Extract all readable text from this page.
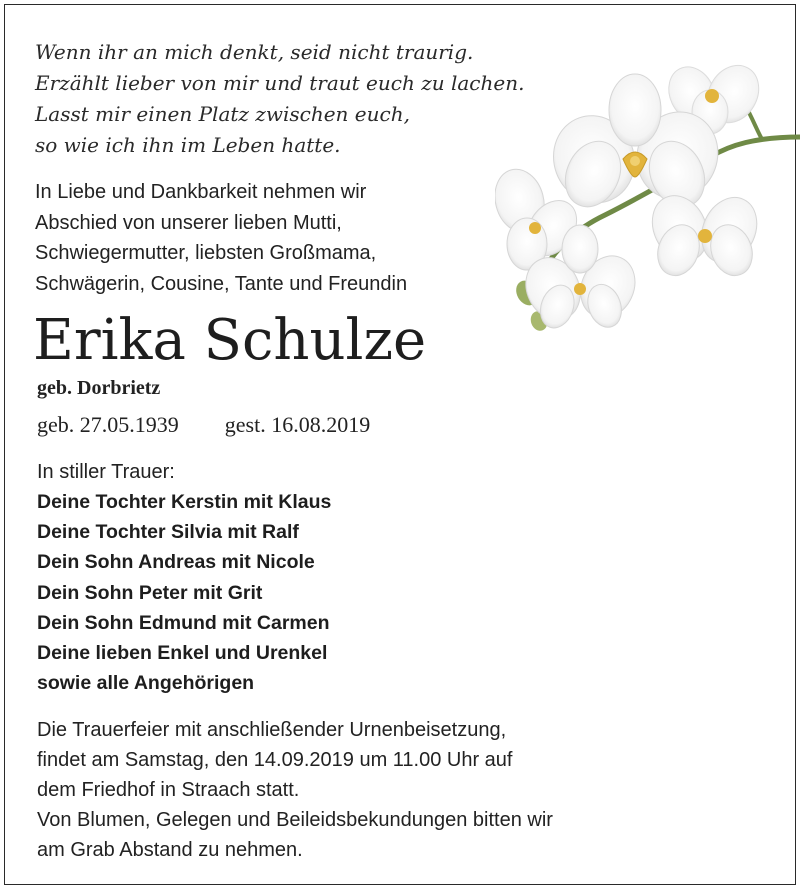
Wenn ihr an mich denkt, seid nicht traurig.
Erzählt lieber von mir und traut euch zu lachen.
Lasst mir einen Platz zwischen euch,
so wie ich ihn im Leben hatte.
In Liebe und Dankbarkeit nehmen wir
Abschied von unserer lieben Mutti,
Schwiegermutter, liebsten Großmama,
Schwägerin, Cousine, Tante und Freundin
Erika Schulze
geb. Dorbrietz
geb. 27.05.1939 gest. 16.08.2019
In stiller Trauer:
Deine Tochter Kerstin mit Klaus
Deine Tochter Silvia mit Ralf
Dein Sohn Andreas mit Nicole
Dein Sohn Peter mit Grit
Dein Sohn Edmund mit Carmen
Deine lieben Enkel und Urenkel
sowie alle Angehörigen
Die Trauerfeier mit anschließender Urnenbeisetzung,
findet am Samstag, den 14.09.2019 um 11.00 Uhr auf
dem Friedhof in Straach statt.
Von Blumen, Gelegen und Beileidsbekundungen bitten wir
am Grab Abstand zu nehmen.
